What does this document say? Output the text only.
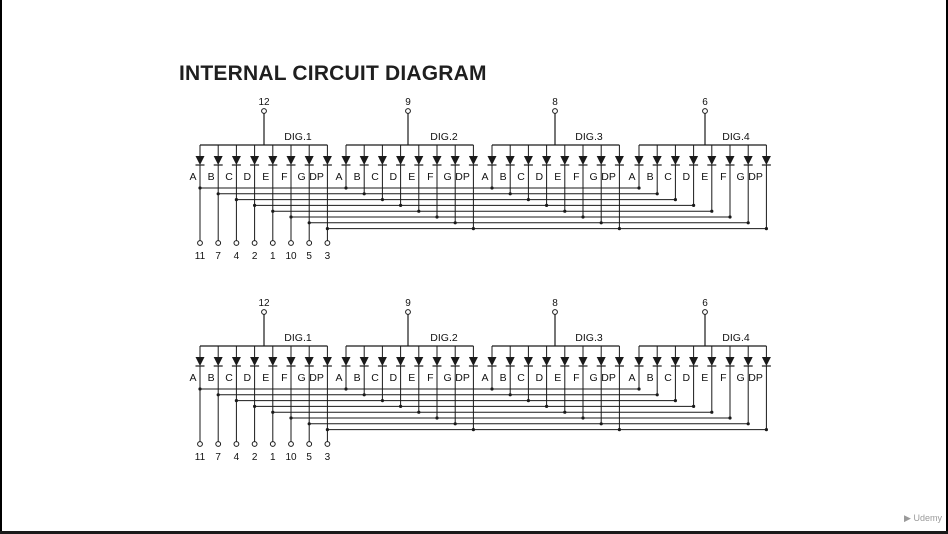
INTERNAL CIRCUIT DIAGRAM
12
DIG.1
A B C D E F G DP
9
DIG.2
A B C D E F G DP
8
DIG.3
A B C D E F G DP
6
DIG.4
A B C D E F G DP
11 7 4 2 1 10 5 3
12
DIG.1
A B C D E F G DP
9
DIG.2
A B C D E F G DP
8
DIG.3
A B C D E F G DP
6
DIG.4
A B C D E F G DP
11 7 4 2 1 10 5 3
▶ Udemy
